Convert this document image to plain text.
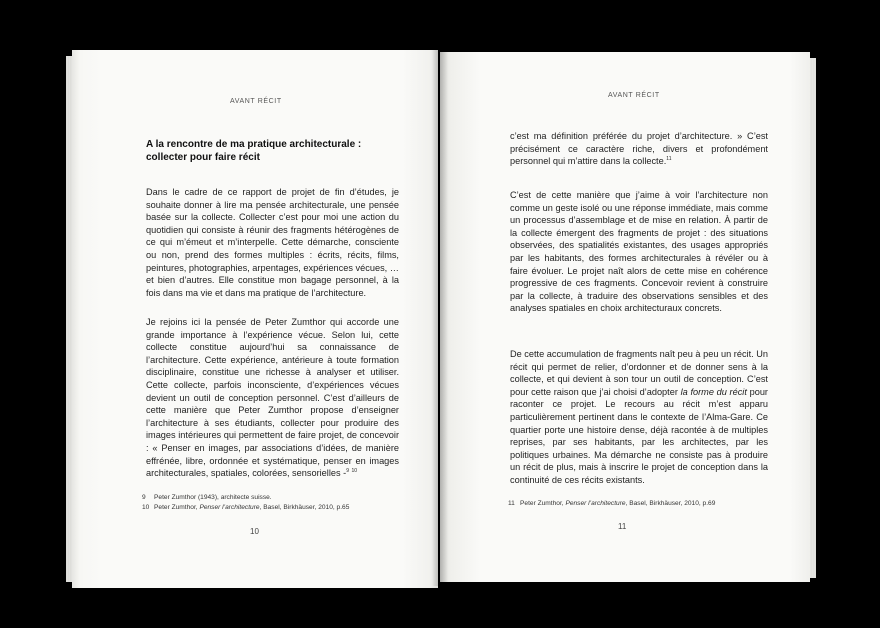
AVANT RÉCIT
A la rencontre de ma pratique architecturale : collecter pour faire récit

Dans le cadre de ce rapport de projet de fin d’études, je souhaite donner à lire ma pensée architecturale, une pensée basée sur la collecte. Collecter c’est pour moi une action du quotidien qui consiste à réunir des fragments hétérogènes de ce qui m’émeut et m’interpelle. Cette démarche, consciente ou non, prend des formes multiples : écrits, récits, films, peintures, photographies, arpentages, expériences vécues, … et bien d’autres. Elle constitue mon bagage personnel, à la fois dans ma vie et dans ma pratique de l’architecture.

Je rejoins ici la pensée de Peter Zumthor qui accorde une grande importance à l’expérience vécue. Selon lui, cette collecte constitue aujourd’hui sa connaissance de l’architecture. Cette expérience, antérieure à toute formation disciplinaire, constitue une richesse à analyser et utiliser. Cette collecte, parfois inconsciente, d’expériences vécues devient un outil de conception personnel. C’est d’ailleurs de cette manière que Peter Zumthor propose d’enseigner l’architecture à ses étudiants, collecter pour produire des images intérieures qui permettent de faire projet, de concevoir : « Penser en images, par associations d’idées, de manière effrénée, libre, ordonnée et systématique, penser en images architecturales, spatiales, colorées, sensorielles -$^9$ $^{10}$

9 Peter Zumthor (1943), architecte suisse.
10 Peter Zumthor, Penser l’architecture, Basel, Birkhäuser, 2010, p.65
10
AVANT RÉCIT

c’est ma définition préférée du projet d’architecture. » C’est précisément ce caractère riche, divers et profondément personnel qui m’attire dans la collecte.$^{11}$

C’est de cette manière que j’aime à voir l’architecture non comme un geste isolé ou une réponse immédiate, mais comme un processus d’assemblage et de mise en relation. À partir de la collecte émergent des fragments de projet : des situations observées, des spatialités existantes, des usages appropriés par les habitants, des formes architecturales à révéler ou à faire évoluer. Le projet naît alors de cette mise en cohérence progressive de ces fragments. Concevoir revient à construire par la collecte, à traduire des observations sensibles et des analyses spatiales en choix architecturaux concrets.

De cette accumulation de fragments naît peu à peu un récit. Un récit qui permet de relier, d’ordonner et de donner sens à la collecte, et qui devient à son tour un outil de conception. C’est pour cette raison que j’ai choisi d’adopter la forme du récit pour raconter ce projet. Le recours au récit m’est apparu particulièrement pertinent dans le contexte de l’Alma-Gare. Ce quartier porte une histoire dense, déjà racontée à de multiples reprises, par ses habitants, par les architectes, par les politiques urbaines. Ma démarche ne consiste pas à produire un récit de plus, mais à inscrire le projet de conception dans la continuité de ces récits existants.

11 Peter Zumthor, Penser l’architecture, Basel, Birkhäuser, 2010, p.69
11
